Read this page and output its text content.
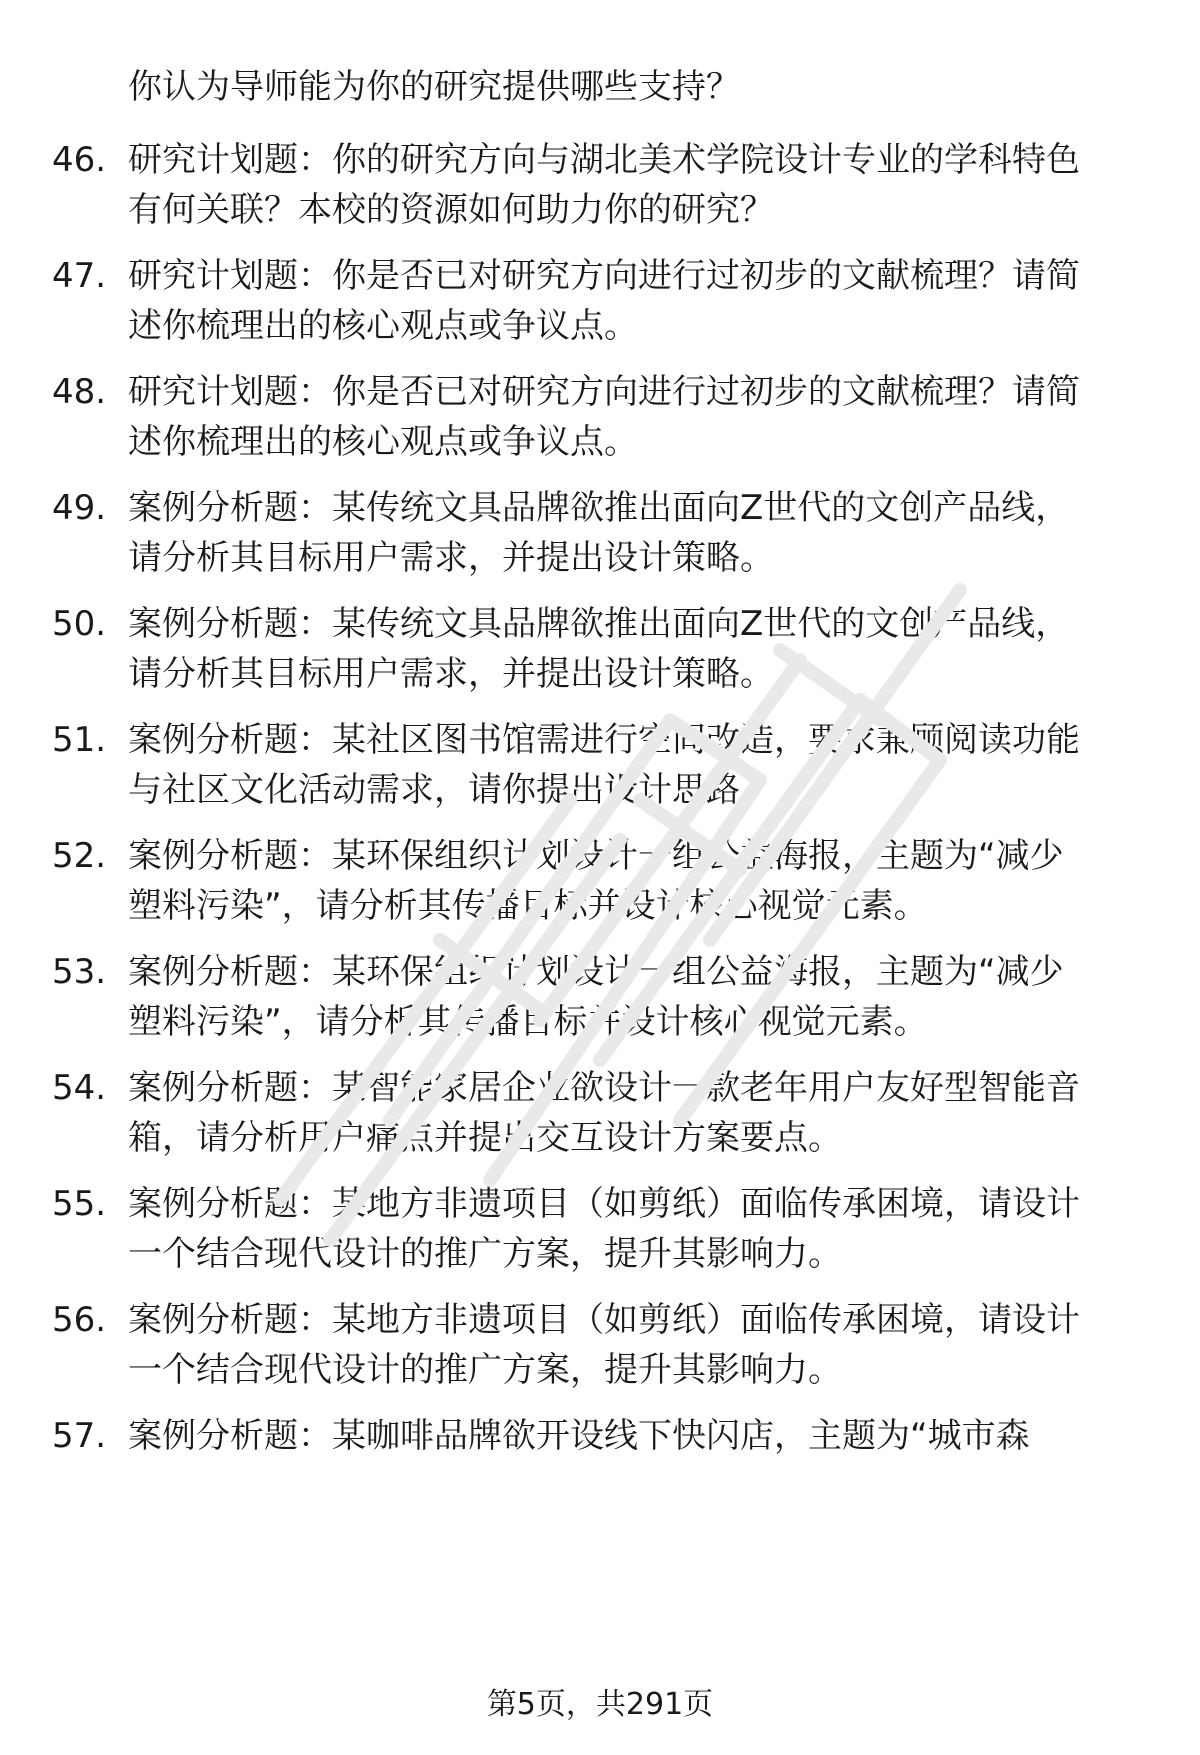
你认为导师能为你的研究提供哪些支持？
46. 研究计划题：你的研究方向与湖北美术学院设计专业的学科特色
有何关联？本校的资源如何助力你的研究？
47. 研究计划题：你是否已对研究方向进行过初步的文献梳理？请简
述你梳理出的核心观点或争议点。
48. 研究计划题：你是否已对研究方向进行过初步的文献梳理？请简
述你梳理出的核心观点或争议点。
49. 案例分析题：某传统文具品牌欲推出面向Z世代的文创产品线，
请分析其目标用户需求，并提出设计策略。
50. 案例分析题：某传统文具品牌欲推出面向Z世代的文创产品线，
请分析其目标用户需求，并提出设计策略。
51. 案例分析题：某社区图书馆需进行空间改造，要求兼顾阅读功能
与社区文化活动需求，请你提出设计思路。
52. 案例分析题：某环保组织计划设计一组公益海报，主题为“减少
塑料污染”，请分析其传播目标并设计核心视觉元素。
53. 案例分析题：某环保组织计划设计一组公益海报，主题为“减少
塑料污染”，请分析其传播目标并设计核心视觉元素。
54. 案例分析题：某智能家居企业欲设计一款老年用户友好型智能音
箱，请分析用户痛点并提出交互设计方案要点。
55. 案例分析题：某地方非遗项目（如剪纸）面临传承困境，请设计
一个结合现代设计的推广方案，提升其影响力。
56. 案例分析题：某地方非遗项目（如剪纸）面临传承困境，请设计
一个结合现代设计的推广方案，提升其影响力。
57. 案例分析题：某咖啡品牌欲开设线下快闪店，主题为“城市森
第5页，共291页
